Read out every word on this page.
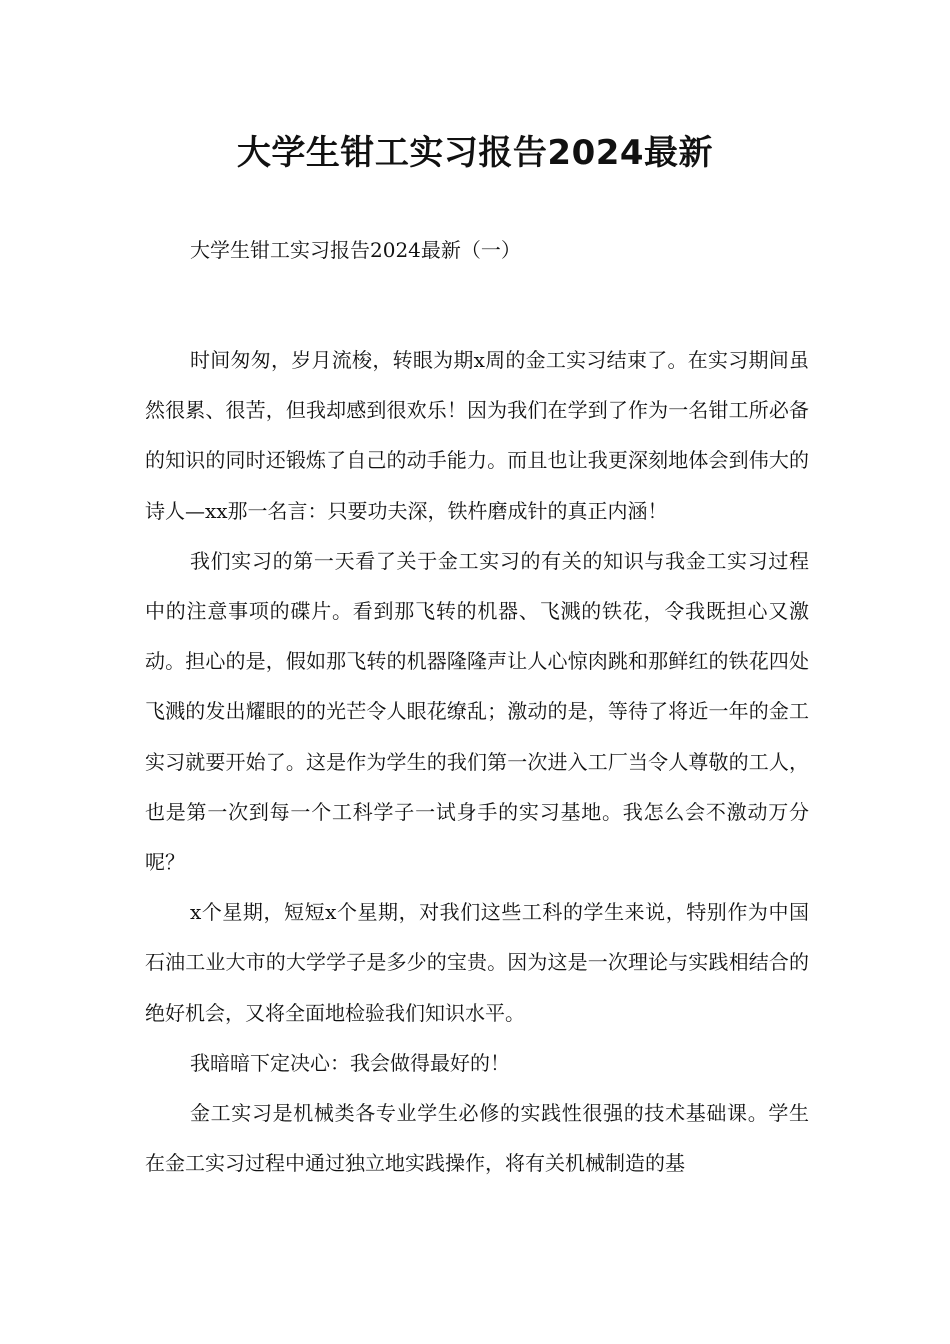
大学生钳工实习报告2024最新

大学生钳工实习报告2024最新（一）

时间匆匆，岁月流梭，转眼为期x周的金工实习结束了。在实习期间虽然很累、很苦，但我却感到很欢乐！因为我们在学到了作为一名钳工所必备的知识的同时还锻炼了自己的动手能力。而且也让我更深刻地体会到伟大的诗人—xx那一名言：只要功夫深，铁杵磨成针的真正内涵！

我们实习的第一天看了关于金工实习的有关的知识与我金工实习过程中的注意事项的碟片。看到那飞转的机器、飞溅的铁花，令我既担心又激动。担心的是，假如那飞转的机器隆隆声让人心惊肉跳和那鲜红的铁花四处飞溅的发出耀眼的的光芒令人眼花缭乱；激动的是，等待了将近一年的金工实习就要开始了。这是作为学生的我们第一次进入工厂当令人尊敬的工人，也是第一次到每一个工科学子一试身手的实习基地。我怎么会不激动万分呢？

x个星期，短短x个星期，对我们这些工科的学生来说，特别作为中国石油工业大市的大学学子是多少的宝贵。因为这是一次理论与实践相结合的绝好机会，又将全面地检验我们知识水平。

我暗暗下定决心：我会做得最好的！

金工实习是机械类各专业学生必修的实践性很强的技术基础课。学生在金工实习过程中通过独立地实践操作，将有关机械制造的基
